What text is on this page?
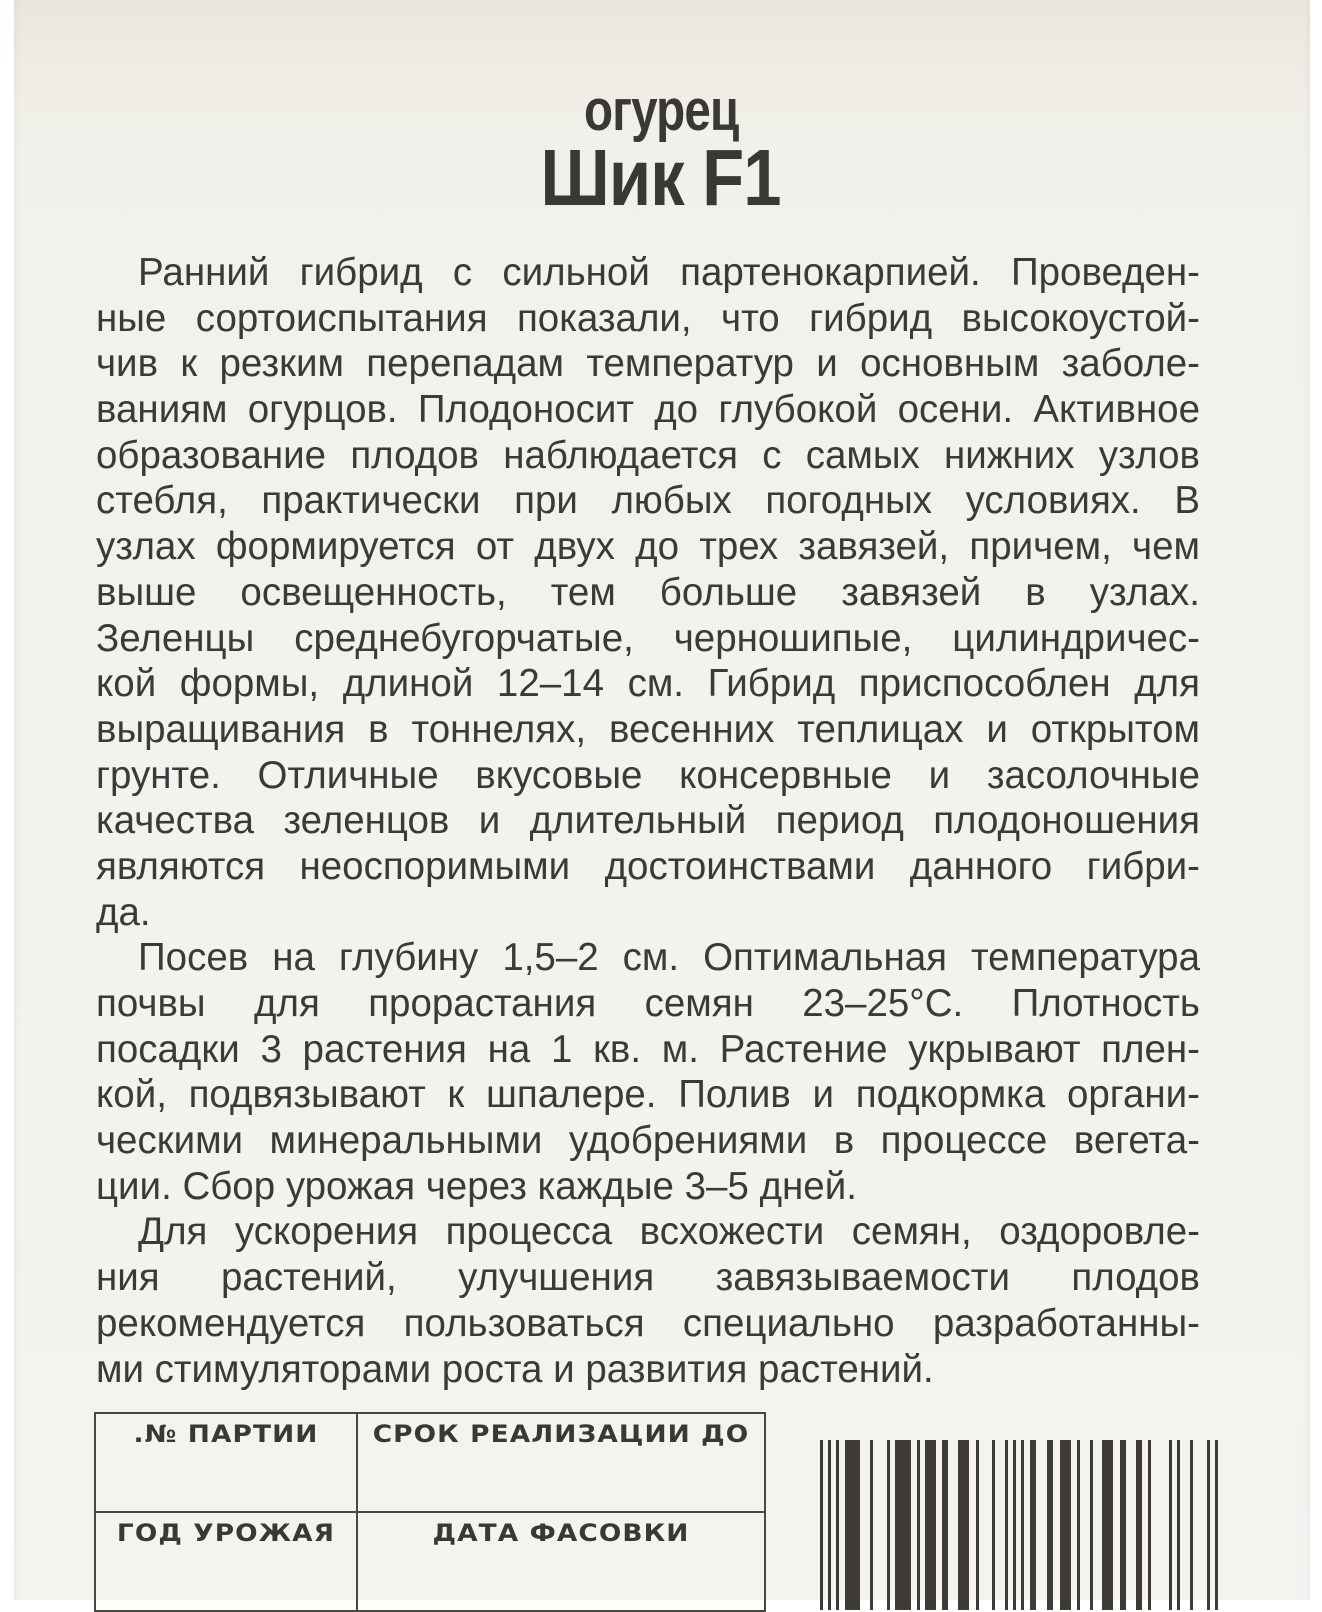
огурец
Шик F1
Ранний гибрид с сильной партенокарпией. Проведен-
ные сортоиспытания показали, что гибрид высокоустой-
чив к резким перепадам температур и основным заболе-
ваниям огурцов. Плодоносит до глубокой осени. Активное
образование плодов наблюдается с самых нижних узлов
стебля, практически при любых погодных условиях. В
узлах формируется от двух до трех завязей, причем, чем
выше освещенность, тем больше завязей в узлах.
Зеленцы среднебугорчатые, черношипые, цилиндричес-
кой формы, длиной 12–14 см. Гибрид приспособлен для
выращивания в тоннелях, весенних теплицах и открытом
грунте. Отличные вкусовые консервные и засолочные
качества зеленцов и длительный период плодоношения
являются неоспоримыми достоинствами данного гибри-
да.
Посев на глубину 1,5–2 см. Оптимальная температура
почвы для прорастания семян 23–25°С. Плотность
посадки 3 растения на 1 кв. м. Растение укрывают плен-
кой, подвязывают к шпалере. Полив и подкормка органи-
ческими минеральными удобрениями в процессе вегета-
ции. Сбор урожая через каждые 3–5 дней.
Для ускорения процесса всхожести семян, оздоровле-
ния растений, улучшения завязываемости плодов
рекомендуется пользоваться специально разработанны-
ми стимуляторами роста и развития растений.
.№ ПАРТИИ	СРОК РЕАЛИЗАЦИИ ДО

ГОД УРОЖАЯ	ДАТА ФАСОВКИ
